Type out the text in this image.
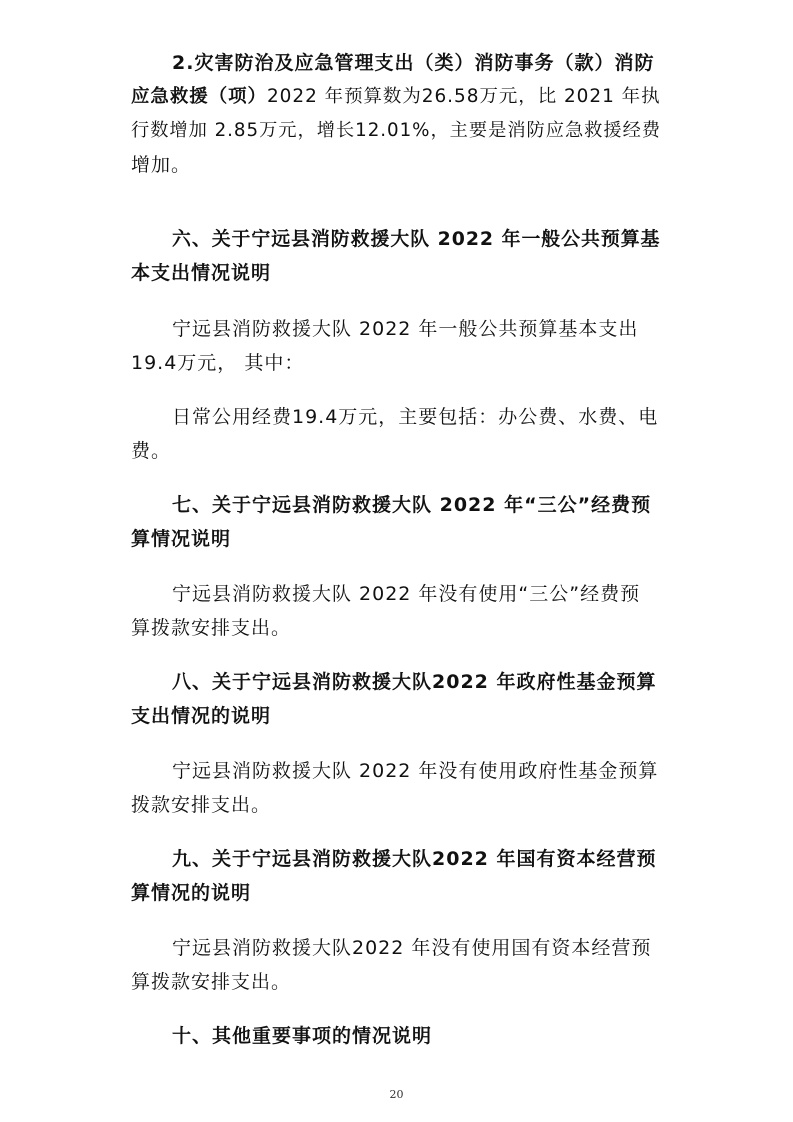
2.灾害防治及应急管理支出（类）消防事务（款）消防
应急救援（项）2022 年预算数为26.58万元，比 2021 年执
行数增加 2.85万元，增长12.01%，主要是消防应急救援经费
增加。
六、关于宁远县消防救援大队 2022 年一般公共预算基
本支出情况说明
宁远县消防救援大队 2022 年一般公共预算基本支出
19.4万元， 其中：
日常公用经费19.4万元，主要包括：办公费、水费、电
费。
七、关于宁远县消防救援大队 2022 年“三公”经费预
算情况说明
宁远县消防救援大队 2022 年没有使用“三公”经费预
算拨款安排支出。
八、关于宁远县消防救援大队2022 年政府性基金预算
支出情况的说明
宁远县消防救援大队 2022 年没有使用政府性基金预算
拨款安排支出。
九、关于宁远县消防救援大队2022 年国有资本经营预
算情况的说明
宁远县消防救援大队2022 年没有使用国有资本经营预
算拨款安排支出。
十、其他重要事项的情况说明
20
